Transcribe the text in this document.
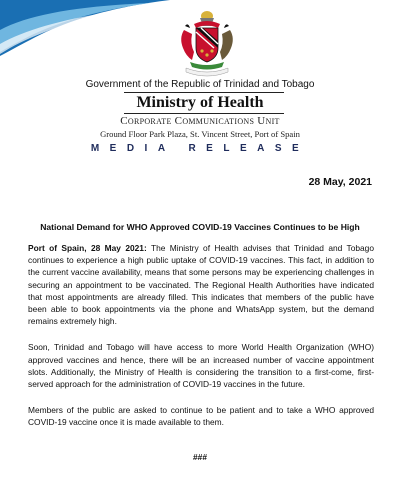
Government of the Republic of Trinidad and Tobago
Ministry of Health
Corporate Communications Unit
Ground Floor Park Plaza, St. Vincent Street, Port of Spain
MEDIA RELEASE
28 May, 2021
National Demand for WHO Approved COVID-19 Vaccines Continues to be High

Port of Spain, 28 May 2021: The Ministry of Health advises that Trinidad and Tobago continues to experience a high public uptake of COVID-19 vaccines. This fact, in addition to the current vaccine availability, means that some persons may be experiencing challenges in securing an appointment to be vaccinated. The Regional Health Authorities have indicated that most appointments are already filled. This indicates that members of the public have been able to book appointments via the phone and WhatsApp system, but the demand remains extremely high.

Soon, Trinidad and Tobago will have access to more World Health Organization (WHO) approved vaccines and hence, there will be an increased number of vaccine appointment slots. Additionally, the Ministry of Health is considering the transition to a first-come, first-served approach for the administration of COVID-19 vaccines in the future.

Members of the public are asked to continue to be patient and to take a WHO approved COVID-19 vaccine once it is made available to them.

###
